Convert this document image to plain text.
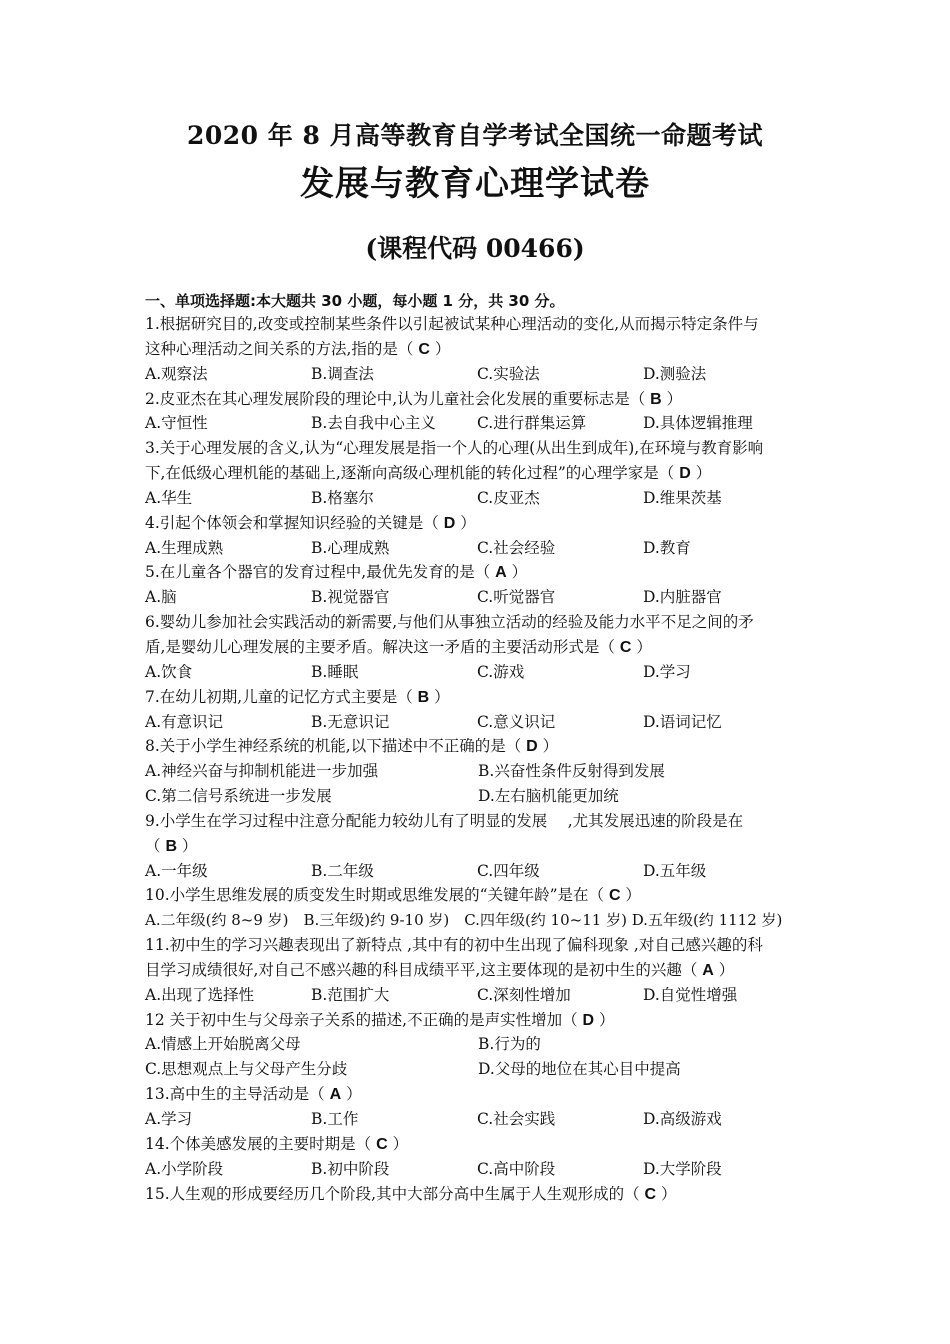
2020 年 8 月高等教育自学考试全国统一命题考试
发展与教育心理学试卷
(课程代码 00466)
一、单项选择题:本大题共 30 小题，每小题 1 分，共 30 分。
1.根据研究目的,改变或控制某些条件以引起被试某种心理活动的变化,从而揭示特定条件与
这种心理活动之间关系的方法,指的是（ C ）
A.观察法	B.调查法	C.实验法	D.测验法
2.皮亚杰在其心理发展阶段的理论中,认为儿童社会化发展的重要标志是（ B ）
A.守恒性	B.去自我中心主义	C.进行群集运算	D.具体逻辑推理
3.关于心理发展的含义,认为“心理发展是指一个人的心理(从出生到成年),在环境与教育影响
下,在低级心理机能的基础上,逐渐向高级心理机能的转化过程”的心理学家是（ D ）
A.华生	B.格塞尔	C.皮亚杰	D.维果茨基
4.引起个体领会和掌握知识经验的关键是（ D ）
A.生理成熟	B.心理成熟	C.社会经验	D.教育
5.在儿童各个器官的发育过程中,最优先发育的是（ A ）
A.脑	B.视觉器官	C.听觉器官	D.内脏器官
6.婴幼儿参加社会实践活动的新需要,与他们从事独立活动的经验及能力水平不足之间的矛
盾,是婴幼儿心理发展的主要矛盾。解决这一矛盾的主要活动形式是（ C ）
A.饮食	B.睡眠	C.游戏	D.学习
7.在幼儿初期,儿童的记忆方式主要是（ B ）
A.有意识记	B.无意识记	C.意义识记	D.语词记忆
8.关于小学生神经系统的机能,以下描述中不正确的是（ D ）
A.神经兴奋与抑制机能进一步加强	B.兴奋性条件反射得到发展
C.第二信号系统进一步发展	D.左右脑机能更加统
9.小学生在学习过程中注意分配能力较幼儿有了明显的发展　 ,尤其发展迅速的阶段是在
（ B ）
A.一年级	B.二年级	C.四年级	D.五年级
10.小学生思维发展的质变发生时期或思维发展的“关键年龄”是在（ C ）
A.二年级(约 8~9 岁)　B.三年级)约 9-10 岁)　C.四年级(约 10~11 岁) D.五年级(约 1112 岁)
11.初中生的学习兴趣表现出了新特点 ,其中有的初中生出现了偏科现象 ,对自己感兴趣的科
目学习成绩很好,对自己不感兴趣的科目成绩平平,这主要体现的是初中生的兴趣（ A ）
A.出现了选择性	B.范围扩大	C.深刻性增加	D.自觉性增强
12 关于初中生与父母亲子关系的描述,不正确的是声实性增加（ D ）
A.情感上开始脱离父母	B.行为的
C.思想观点上与父母产生分歧	D.父母的地位在其心目中提高
13.高中生的主导活动是（ A ）
A.学习	B.工作	C.社会实践	D.高级游戏
14.个体美感发展的主要时期是（ C ）
A.小学阶段	B.初中阶段	C.高中阶段	D.大学阶段
15.人生观的形成要经历几个阶段,其中大部分高中生属于人生观形成的（ C ）
